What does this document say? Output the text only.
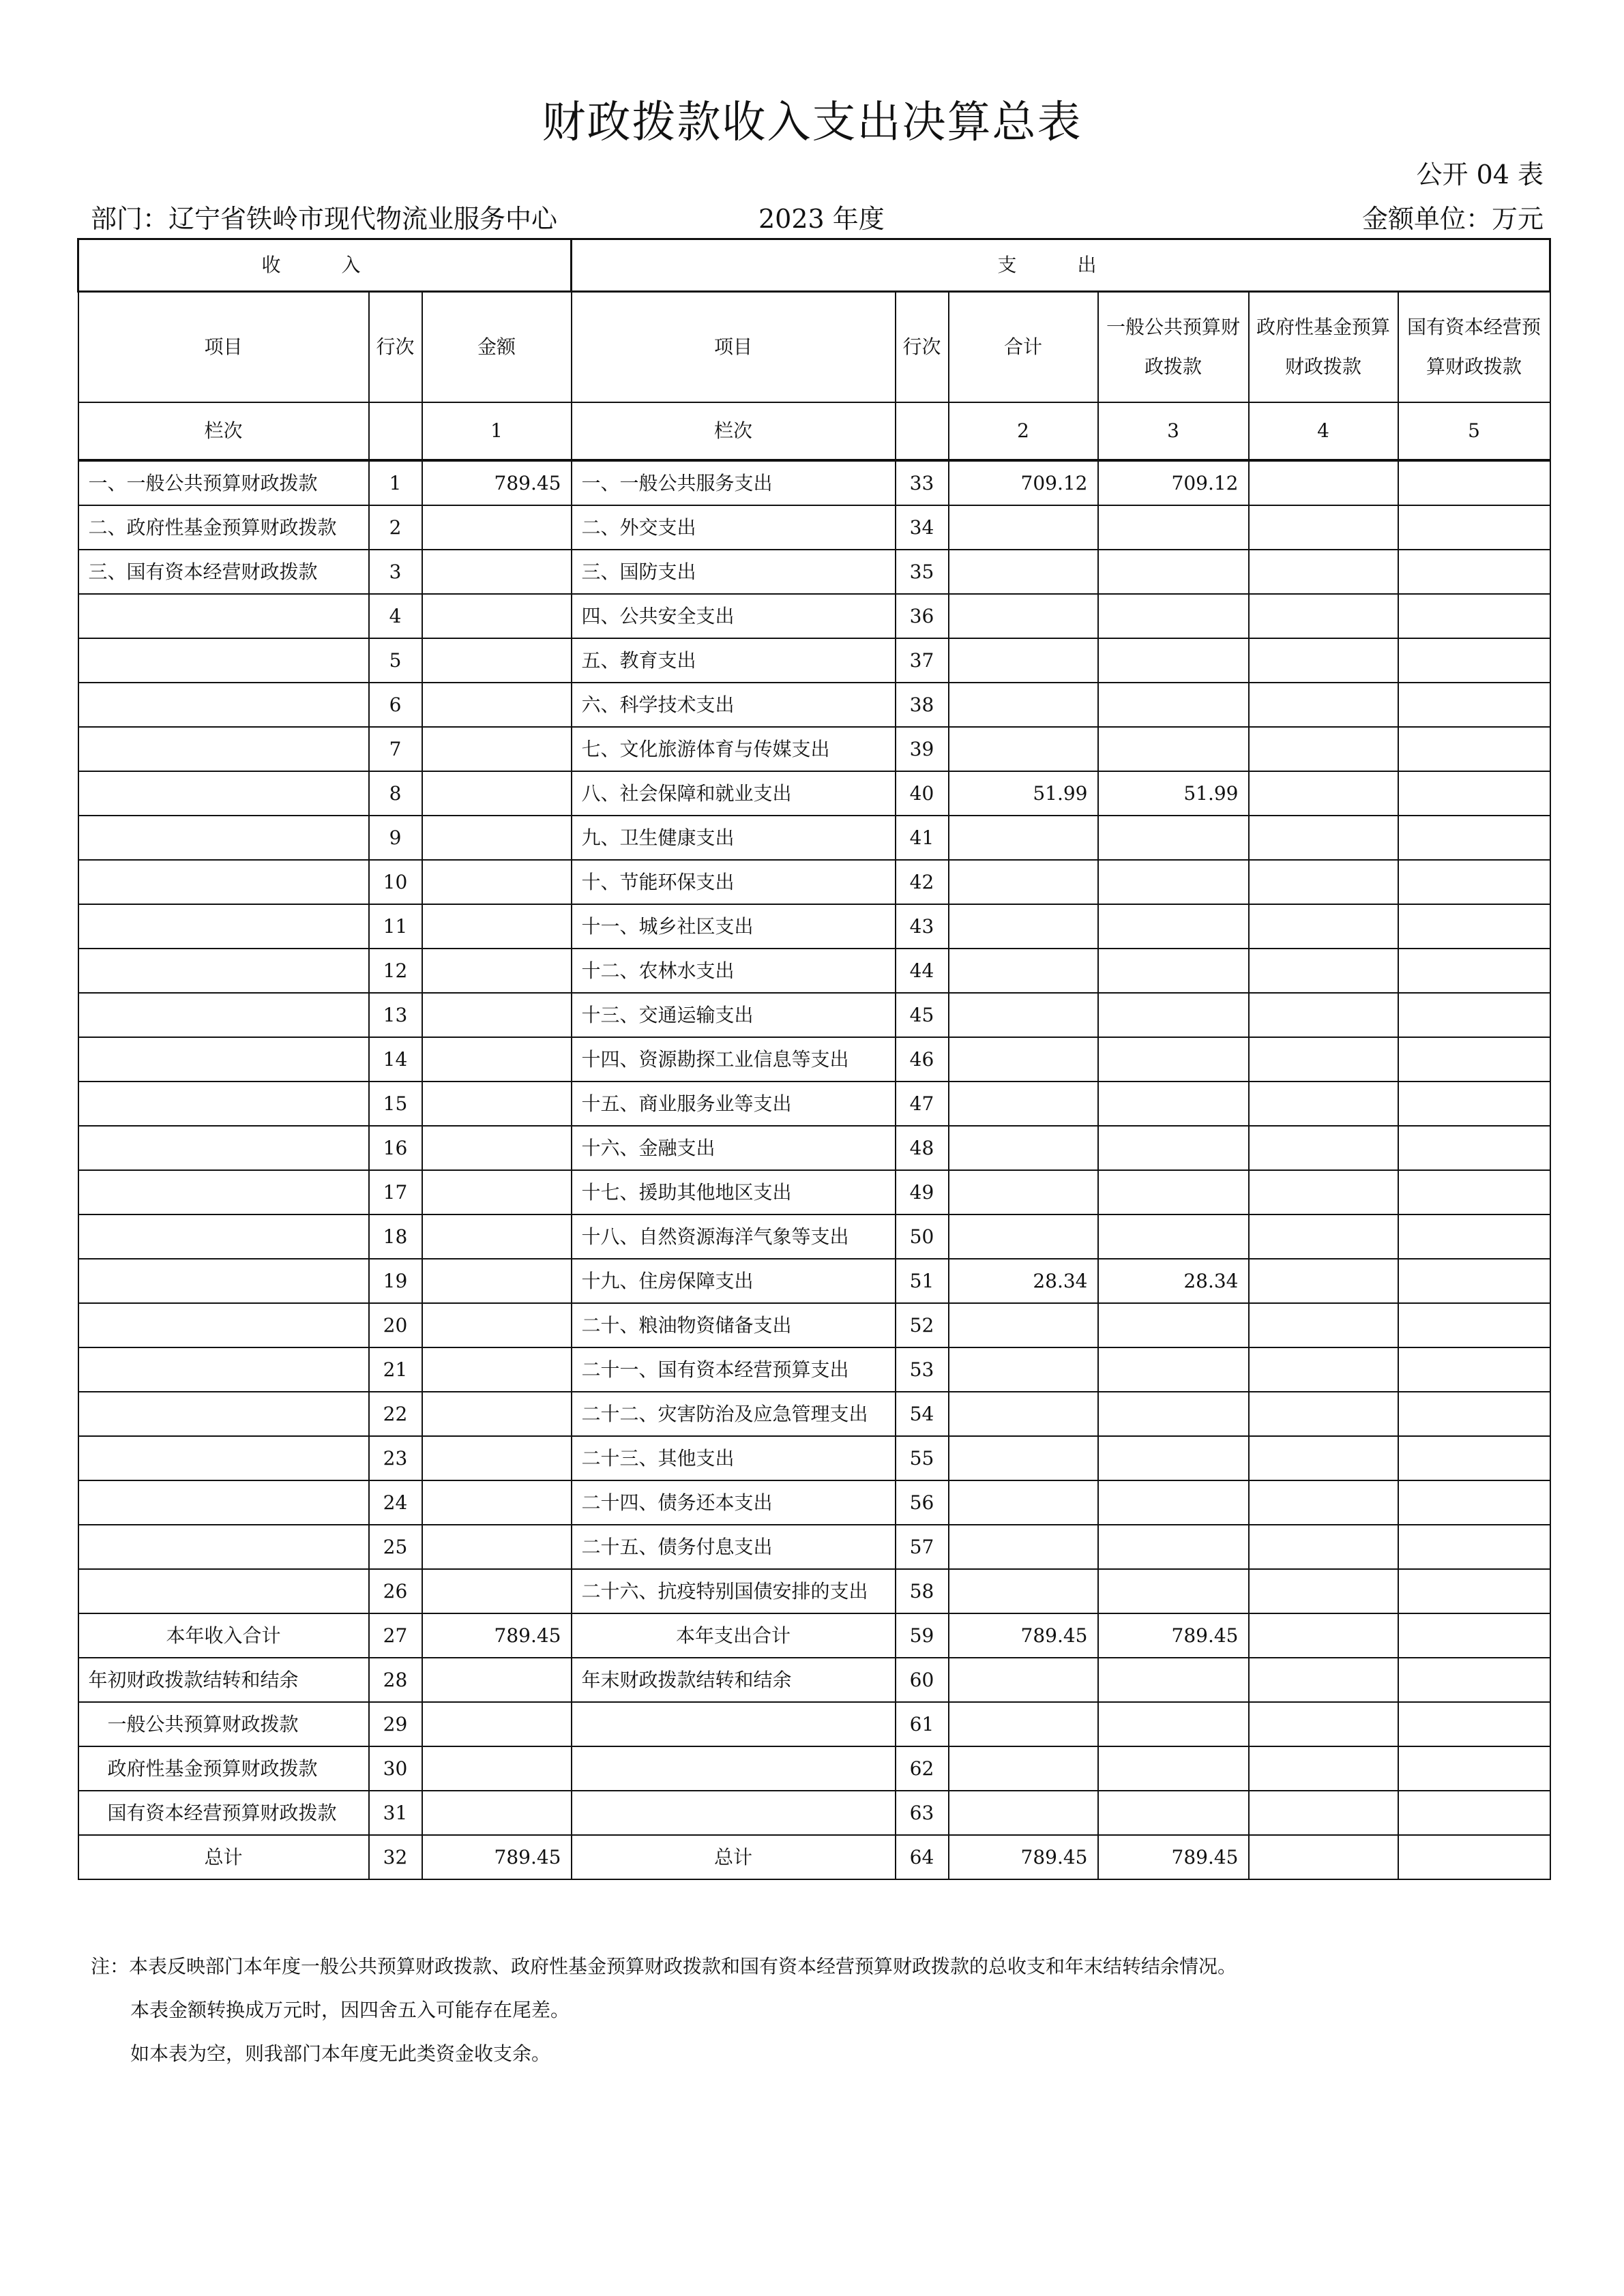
财政拨款收入支出决算总表
公开 04 表
部门：辽宁省铁岭市现代物流业服务中心	2023 年度	金额单位：万元
收 入			支 出					
项目	行次	金额	项目	行次	合计	一般公共预算财政拨款	政府性基金预算财政拨款	国有资本经营预算财政拨款
栏次		1	栏次		2	3	4	5
一、一般公共预算财政拨款	1	789.45	一、一般公共服务支出	33	709.12	709.12		
二、政府性基金预算财政拨款	2		二、外交支出	34				
三、国有资本经营财政拨款	3		三、国防支出	35				
	4		四、公共安全支出	36				
	5		五、教育支出	37				
	6		六、科学技术支出	38				
	7		七、文化旅游体育与传媒支出	39				
	8		八、社会保障和就业支出	40	51.99	51.99		
	9		九、卫生健康支出	41				
	10		十、节能环保支出	42				
	11		十一、城乡社区支出	43				
	12		十二、农林水支出	44				
	13		十三、交通运输支出	45				
	14		十四、资源勘探工业信息等支出	46				
	15		十五、商业服务业等支出	47				
	16		十六、金融支出	48				
	17		十七、援助其他地区支出	49				
	18		十八、自然资源海洋气象等支出	50				
	19		十九、住房保障支出	51	28.34	28.34		
	20		二十、粮油物资储备支出	52				
	21		二十一、国有资本经营预算支出	53				
	22		二十二、灾害防治及应急管理支出	54				
	23		二十三、其他支出	55				
	24		二十四、债务还本支出	56				
	25		二十五、债务付息支出	57				
	26		二十六、抗疫特别国债安排的支出	58				
本年收入合计	27	789.45	本年支出合计	59	789.45	789.45		
年初财政拨款结转和结余	28		年末财政拨款结转和结余	60				
一般公共预算财政拨款	29			61				
政府性基金预算财政拨款	30			62				
国有资本经营预算财政拨款	31			63				
总计	32	789.45	总计	64	789.45	789.45		
注：本表反映部门本年度一般公共预算财政拨款、政府性基金预算财政拨款和国有资本经营预算财政拨款的总收支和年末结转结余情况。
本表金额转换成万元时，因四舍五入可能存在尾差。
如本表为空，则我部门本年度无此类资金收支余。
